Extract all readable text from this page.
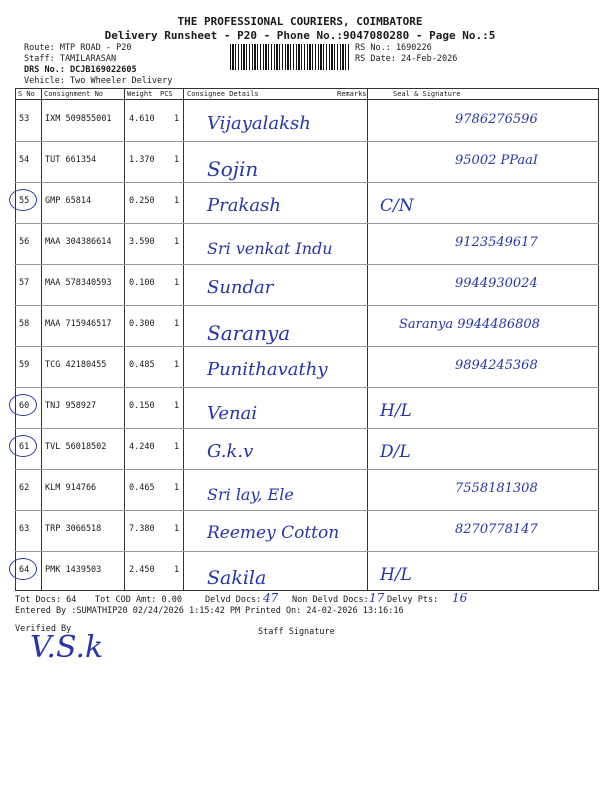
THE PROFESSIONAL COURIERS, COIMBATORE
Delivery Runsheet - P20 - Phone No.:9047080280 - Page No.:5
Route: MTP ROAD - P20
Staff: TAMILARASAN
DRS No.: DCJB169022605
Vehicle: Two Wheeler Delivery
RS No.: 1690226
RS Date: 24-Feb-2026
S No Consignment No	Weight PCS Consignee Details	Remarks	Seal & Signature
53 IXM 509855001 4.610 1 Vijayalaksh	9786276596
54 TUT 661354	1.370 1 Sojin	95002 PPaaI
55 GMP 65814	0.250 1 Prakash	C/N
56 MAA 304386614 3.590 1 Sri venkat Indu	9123549617
57 MAA 578340593 0.100 1 Sundar	9944930024
58 MAA 715946517 0.300 1 Saranya	Saranya 9944486808
59 TCG 42180455	0.485 1 Punithavathy	9894245368
60 TNJ 958927	0.150 1 Venai	H/L
61 TVL 56018502	4.240 1 G.k.v	D/L
62 KLM 914766	0.465 1 Sri lay, Ele	7558181308
63 TRP 3066518	7.380 1 Reemey Cotton	8270778147
64 PMK 1439503	2.450 1 Sakila	H/L
Tot Docs: 64 Tot COD Amt: 0.00	Delvd Docs: 47 Non Delvd Docs: 17 Delvy Pts: 16
Entered By :SUMATHIP20 02/24/2026 1:15:42 PM Printed On: 24-02-2026 13:16:16
Verified By	Staff Signature
V.S.k
